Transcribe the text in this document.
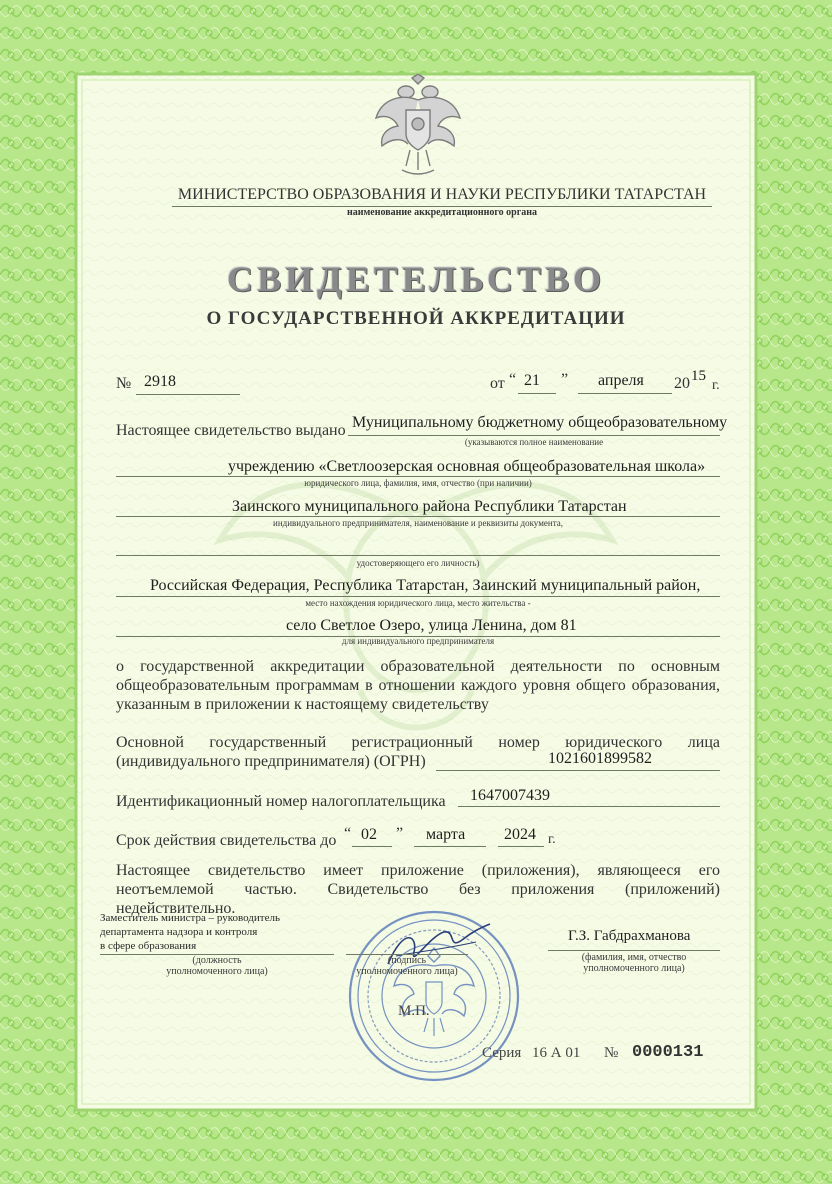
МИНИСТЕРСТВО ОБРАЗОВАНИЯ И НАУКИ РЕСПУБЛИКИ ТАТАРСТАН
наименование аккредитационного органа
СВИДЕТЕЛЬСТВО
О ГОСУДАРСТВЕННОЙ АККРЕДИТАЦИИ
№ 2918	от “ 21 ” апреля 20 15
г.
Настоящее свидетельство выдано Муниципальному бюджетному общеобразовательному
(указываются полное наименование
учреждению «Светлоозерская основная общеобразовательная школа»
юридического лица, фамилия, имя, отчество (при наличии)
Заинского муниципального района Республики Татарстан
индивидуального предпринимателя, наименование и реквизиты документа,
удостоверяющего его личность)
Российская Федерация, Республика Татарстан, Заинский муниципальный район,
место нахождения юридического лица, место жительства -
село Светлое Озеро, улица Ленина, дом 81
для индивидуального предпринимателя
о государственной аккредитации образовательной деятельности по основным
общеобразовательным программам в отношении каждого уровня общего образования,
указанным в приложении к настоящему свидетельству
Основной государственный регистрационный номер юридического лица
(индивидуального предпринимателя) (ОГРН)	1021601899582
Идентификационный номер налогоплательщика 1647007439
Срок действия свидетельства до “ 02 ” марта 2024 г.
Настоящее свидетельство имеет приложение (приложения), являющееся его
неотъемлемой частью. Свидетельство без приложения (приложений)
недействительно.
Заместитель министра – руководитель
департамента надзора и контроля
в сфере образования
(должность
уполномоченного лица)
(подпись
уполномоченного лица)
Г.З. Габдрахманова
(фамилия, имя, отчество
уполномоченного лица)
М.П.
Серия 16 А 01 № 0000131
